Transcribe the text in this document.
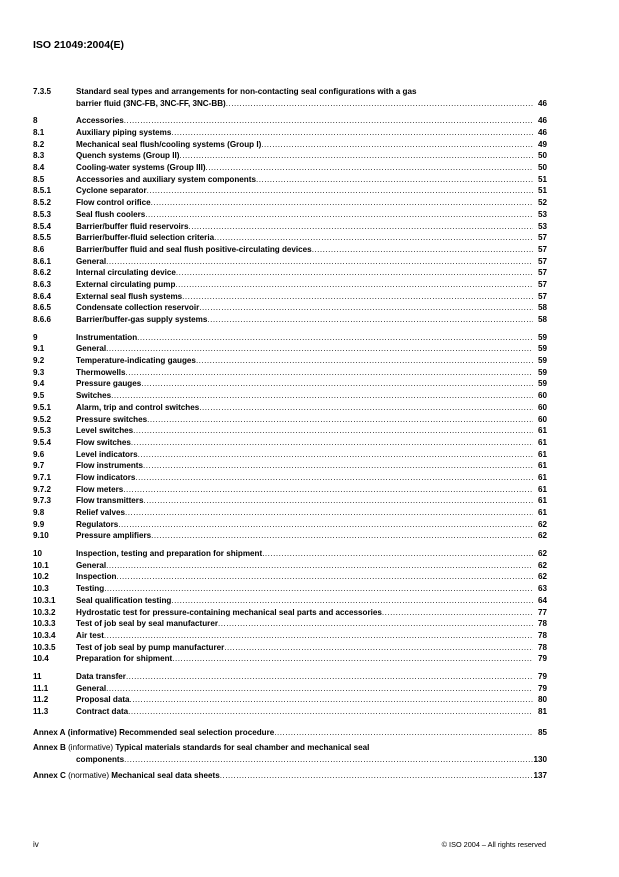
ISO 21049:2004(E)
7.3.5	Standard seal types and arrangements for non-contacting seal configurations with a gas
barrier fluid (3NC-FB, 3NC-FF, 3NC-BB) .....	46
8	Accessories .....	46
8.1	Auxiliary piping systems .....	46
8.2	Mechanical seal flush/cooling systems (Group I) .....	49
8.3	Quench systems (Group II) .....	50
8.4	Cooling-water systems (Group III) .....	50
8.5	Accessories and auxiliary system components .....	51
8.5.1	Cyclone separator .....	51
8.5.2	Flow control orifice .....	52
8.5.3	Seal flush coolers .....	53
8.5.4	Barrier/buffer fluid reservoirs .....	53
8.5.5	Barrier/buffer-fluid selection criteria .....	57
8.6	Barrier/buffer fluid and seal flush positive-circulating devices .....	57
8.6.1	General .....	57
8.6.2	Internal circulating device .....	57
8.6.3	External circulating pump .....	57
8.6.4	External seal flush systems .....	57
8.6.5	Condensate collection reservoir .....	58
8.6.6	Barrier/buffer-gas supply systems .....	58
9	Instrumentation .....	59
9.1	General .....	59
9.2	Temperature-indicating gauges .....	59
9.3	Thermowells .....	59
9.4	Pressure gauges .....	59
9.5	Switches .....	60
9.5.1	Alarm, trip and control switches .....	60
9.5.2	Pressure switches .....	60
9.5.3	Level switches .....	61
9.5.4	Flow switches .....	61
9.6	Level indicators .....	61
9.7	Flow instruments .....	61
9.7.1	Flow indicators .....	61
9.7.2	Flow meters .....	61
9.7.3	Flow transmitters .....	61
9.8	Relief valves .....	61
9.9	Regulators .....	62
9.10	Pressure amplifiers .....	62
10	Inspection, testing and preparation for shipment .....	62
10.1	General .....	62
10.2	Inspection .....	62
10.3	Testing .....	63
10.3.1	Seal qualification testing .....	64
10.3.2	Hydrostatic test for pressure-containing mechanical seal parts and accessories .....	77
10.3.3	Test of job seal by seal manufacturer .....	78
10.3.4	Air test .....	78
10.3.5	Test of job seal by pump manufacturer .....	78
10.4	Preparation for shipment .....	79
11	Data transfer .....	79
11.1	General .....	79
11.2	Proposal data .....	80
11.3	Contract data .....	81
Annex A (informative) Recommended seal selection procedure .....	85
Annex B (informative) Typical materials standards for seal chamber and mechanical seal
components .....	130
Annex C (normative) Mechanical seal data sheets .....	137
iv	© ISO 2004 – All rights reserved
